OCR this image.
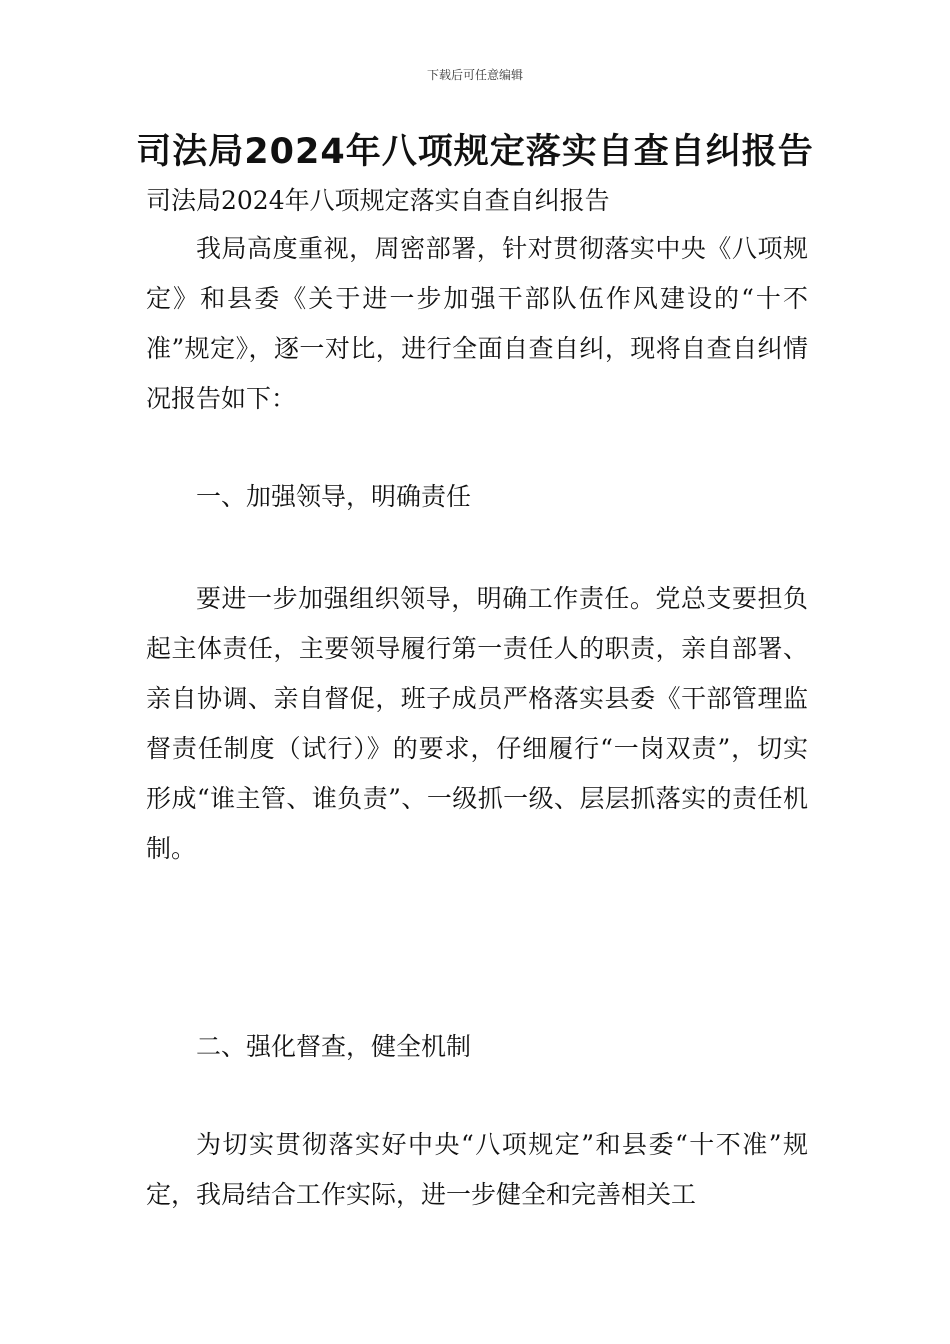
下载后可任意编辑
司法局2024年八项规定落实自查自纠报告
司法局2024年八项规定落实自查自纠报告

我局高度重视，周密部署，针对贯彻落实中央《八项规定》和县委《关于进一步加强干部队伍作风建设的“十不准”规定》，逐一对比，进行全面自查自纠，现将自查自纠情况报告如下：

一、加强领导，明确责任

要进一步加强组织领导，明确工作责任。党总支要担负起主体责任，主要领导履行第一责任人的职责，亲自部署、亲自协调、亲自督促，班子成员严格落实县委《干部管理监督责任制度（试行）》的要求，仔细履行“一岗双责”，切实形成“谁主管、谁负责”、一级抓一级、层层抓落实的责任机制。

二、强化督查，健全机制

为切实贯彻落实好中央“八项规定”和县委“十不准”规定，我局结合工作实际，进一步健全和完善相关工
